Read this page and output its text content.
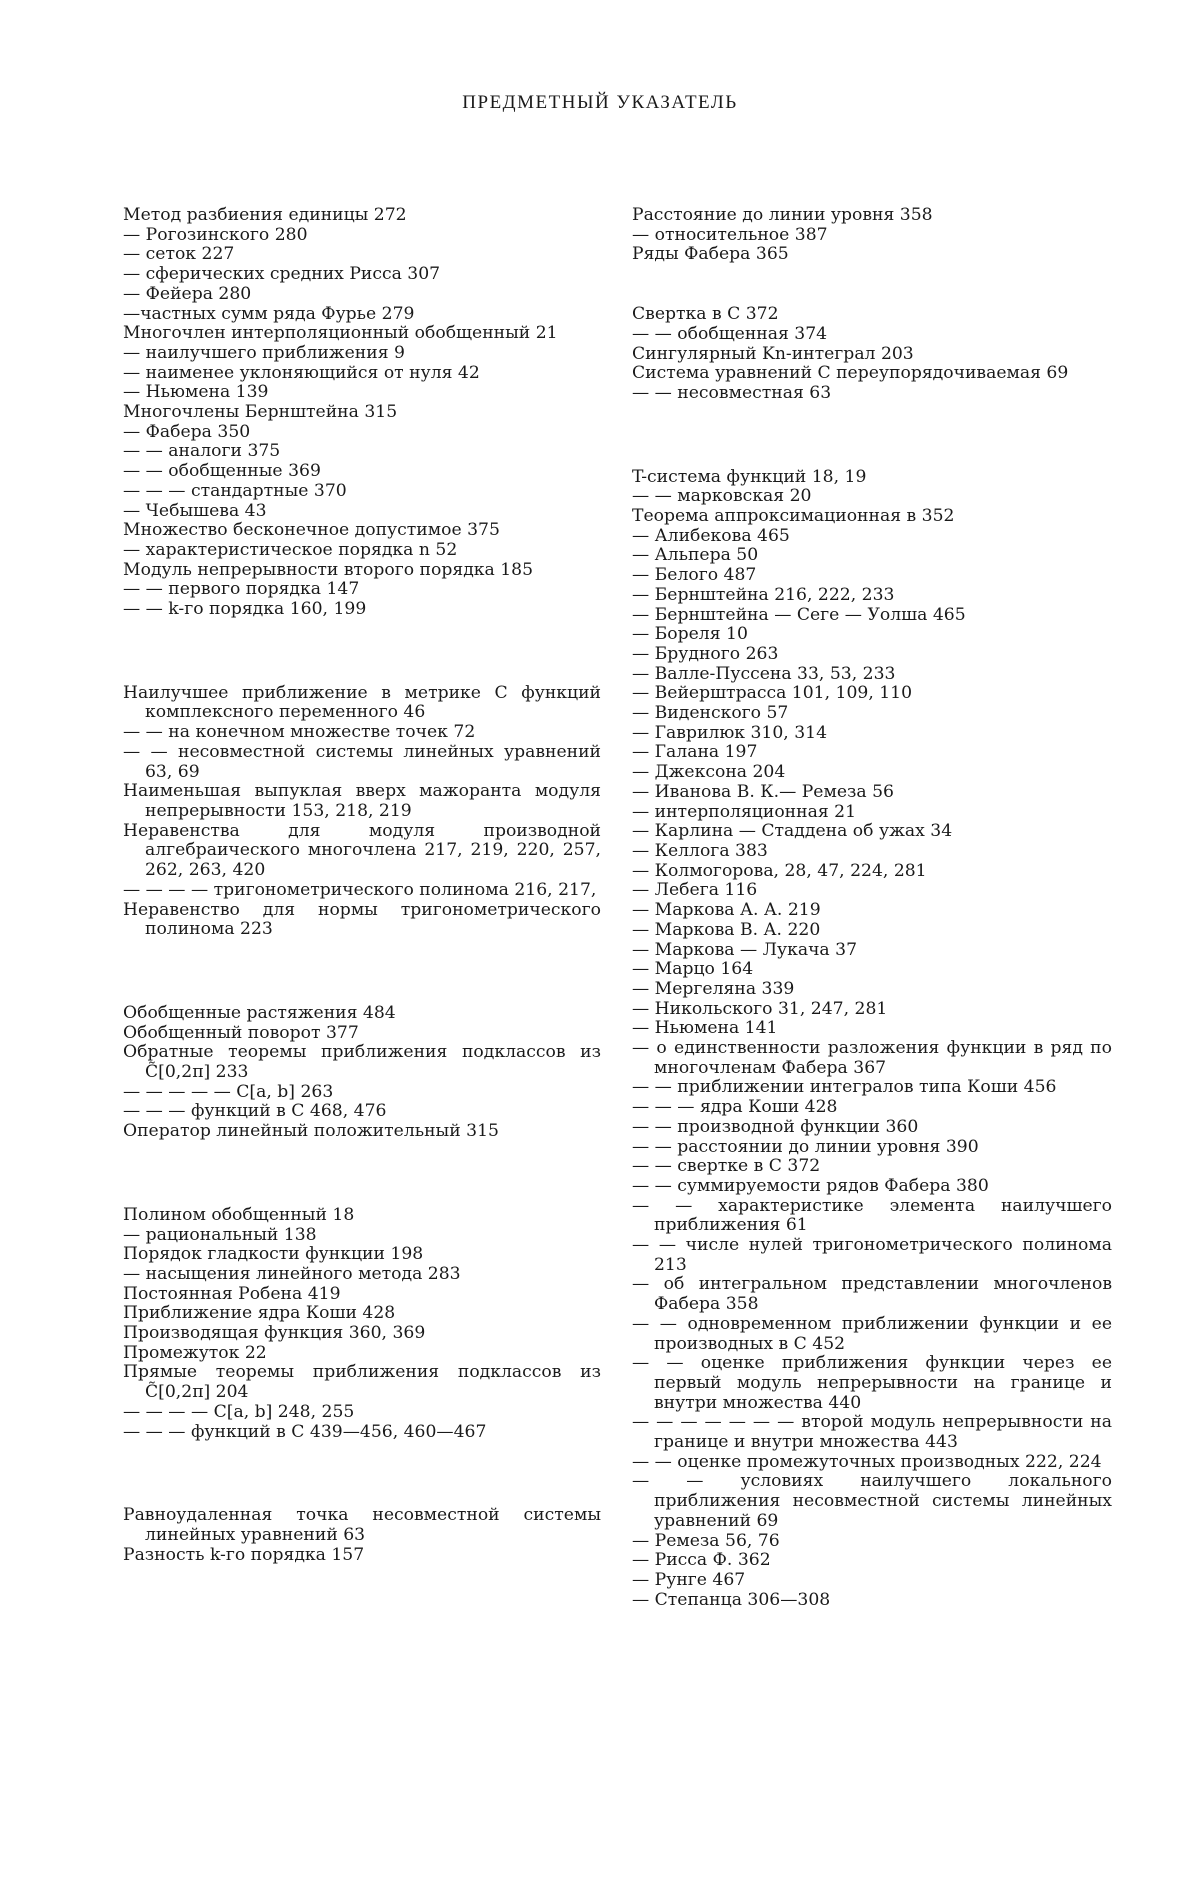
ПРЕДМЕТНЫЙ УКАЗАТЕЛЬ

Метод разбиения единицы 272

— Рогозинского 280

— сеток 227

— сферических средних Рисса 307

— Фейера 280

—частных сумм ряда Фурье 279

Многочлен интерполяционный обобщенный 21

— наилучшего приближения 9

— наименее уклоняющийся от нуля 42

— Ньюмена 139

Многочлены Бернштейна 315

— Фабера 350

— — аналоги 375

— — обобщенные 369

— — — стандартные 370

— Чебышева 43

Множество бесконечное допустимое 375

— характеристическое порядка n 52

Модуль непрерывности второго порядка 185

— — первого порядка 147

— — k-го порядка 160, 199

Наилучшее приближение в метрике C функций комплексного переменного 46

— — на конечном множестве точек 72

— — несовместной системы линейных уравнений 63, 69

Наименьшая выпуклая вверх мажоранта модуля непрерывности 153, 218, 219

Неравенства для модуля производной алгебраического многочлена 217, 219, 220, 257, 262, 263, 420

— — — — тригонометрического полинома 216, 217,

Неравенство для нормы тригонометрического полинома 223

Обобщенные растяжения 484

Обобщенный поворот 377

Обратные теоремы приближения подклассов из C̃[0,2π] 233

— — — — — C[a, b] 263

— — — функций в C 468, 476

Оператор линейный положительный 315

Полином обобщенный 18

— рациональный 138

Порядок гладкости функции 198

— насыщения линейного метода 283

Постоянная Робена 419

Приближение ядра Коши 428

Производящая функция 360, 369

Промежуток 22

Прямые теоремы приближения подклассов из C̃[0,2π] 204

— — — — C[a, b] 248, 255

— — — функций в C 439—456, 460—467

Равноудаленная точка несовместной системы линейных уравнений 63

Разность k-го порядка 157

Расстояние до линии уровня 358

— относительное 387

Ряды Фабера 365

Свертка в C 372

— — обобщенная 374

Сингулярный Kn-интеграл 203

Система уравнений C переупорядочиваемая 69

— — несовместная 63

T-система функций 18, 19

— — марковская 20

Теорема аппроксимационная в 352

— Алибекова 465

— Альпера 50

— Белого 487

— Бернштейна 216, 222, 233

— Бернштейна — Сеге — Уолша 465

— Бореля 10

— Брудного 263

— Валле-Пуссена 33, 53, 233

— Вейерштрасса 101, 109, 110

— Виденского 57

— Гаврилюк 310, 314

— Галана 197

— Джексона 204

— Иванова В. К.— Ремеза 56

— интерполяционная 21

— Карлина — Стаддена об ужах 34

— Келлога 383

— Колмогорова, 28, 47, 224, 281

— Лебега 116

— Маркова А. А. 219

— Маркова В. А. 220

— Маркова — Лукача 37

— Марцо 164

— Мергеляна 339

— Никольского 31, 247, 281

— Ньюмена 141

— о единственности разложения функции в ряд по многочленам Фабера 367

— — приближении интегралов типа Коши 456

— — — ядра Коши 428

— — производной функции 360

— — расстоянии до линии уровня 390

— — свертке в C 372

— — суммируемости рядов Фабера 380

— — характеристике элемента наилучшего приближения 61

— — числе нулей тригонометрического полинома 213

— об интегральном представлении многочленов Фабера 358

— — одновременном приближении функции и ее производных в C 452

— — оценке приближения функции через ее первый модуль непрерывности на границе и внутри множества 440

— — — — — — — второй модуль непрерывности на границе и внутри множества 443

— — оценке промежуточных производных 222, 224

— — условиях наилучшего локального приближения несовместной системы линейных уравнений 69

— Ремеза 56, 76

— Рисса Ф. 362

— Рунге 467

— Степанца 306—308
